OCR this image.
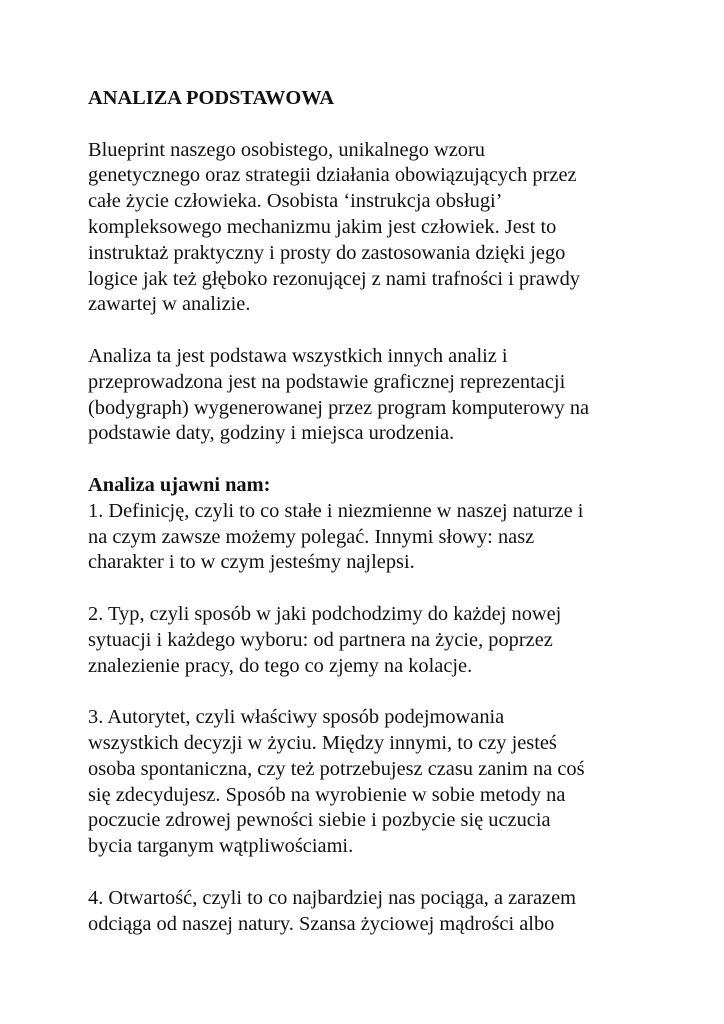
ANALIZA PODSTAWOWA
Blueprint naszego osobistego, unikalnego wzoru
genetycznego oraz strategii działania obowiązujących przez
całe życie człowieka. Osobista ‘instrukcja obsługi’
kompleksowego mechanizmu jakim jest człowiek. Jest to
instruktaż praktyczny i prosty do zastosowania dzięki jego
logice jak też głęboko rezonującej z nami trafności i prawdy
zawartej w analizie.
Analiza ta jest podstawa wszystkich innych analiz i
przeprowadzona jest na podstawie graficznej reprezentacji
(bodygraph) wygenerowanej przez program komputerowy na
podstawie daty, godziny i miejsca urodzenia.
Analiza ujawni nam:
1. Definicję, czyli to co stałe i niezmienne w naszej naturze i
na czym zawsze możemy polegać. Innymi słowy: nasz
charakter i to w czym jesteśmy najlepsi.
2. Typ, czyli sposób w jaki podchodzimy do każdej nowej
sytuacji i każdego wyboru: od partnera na życie, poprzez
znalezienie pracy, do tego co zjemy na kolacje.
3. Autorytet, czyli właściwy sposób podejmowania
wszystkich decyzji w życiu. Między innymi, to czy jesteś
osoba spontaniczna, czy też potrzebujesz czasu zanim na coś
się zdecydujesz. Sposób na wyrobienie w sobie metody na
poczucie zdrowej pewności siebie i pozbycie się uczucia
bycia targanym wątpliwościami.
4. Otwartość, czyli to co najbardziej nas pociąga, a zarazem
odciąga od naszej natury. Szansa życiowej mądrości albo
